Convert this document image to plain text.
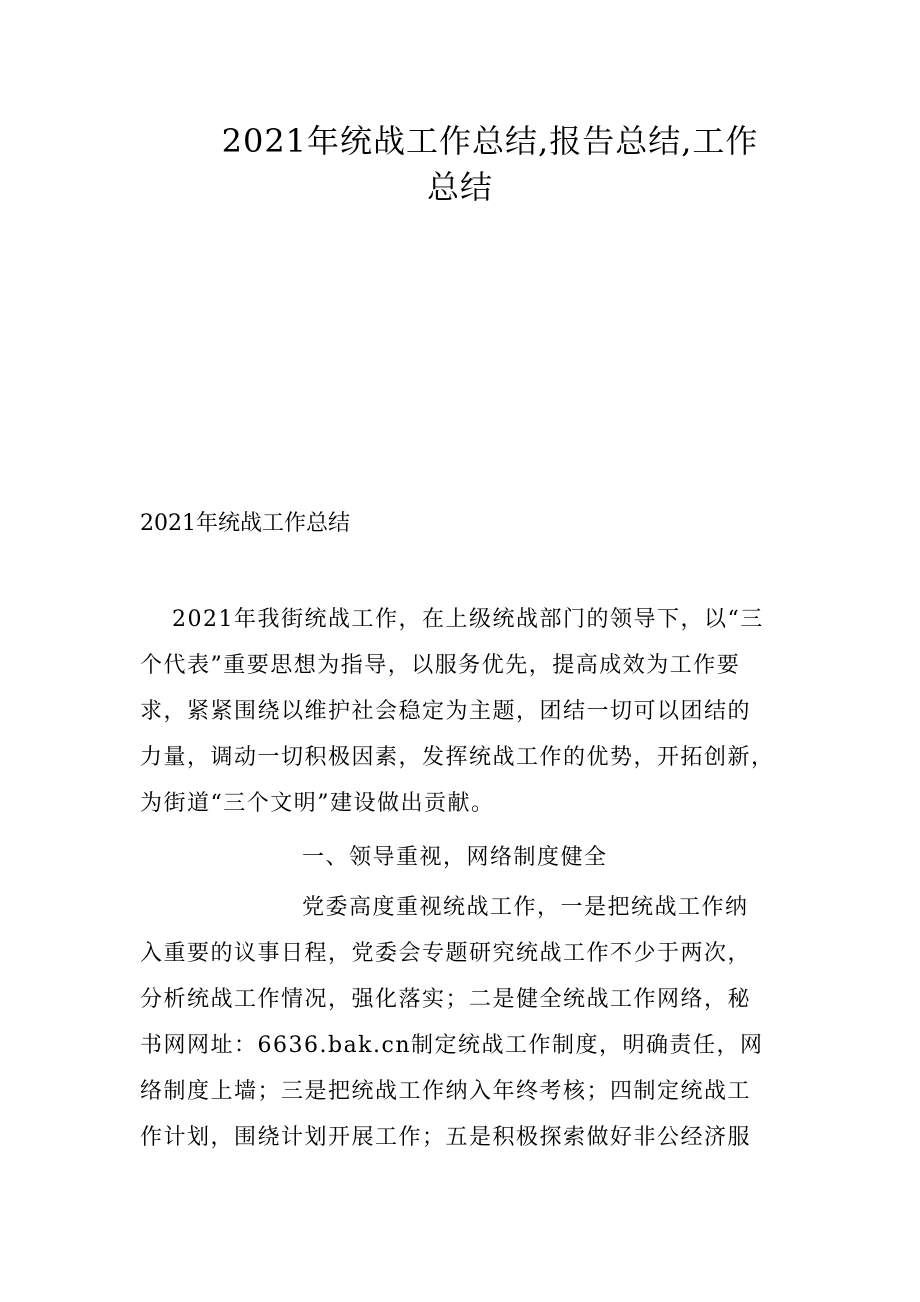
2021年统战工作总结,报告总结,工作
总结
2021年统战工作总结
2021年我街统战工作，在上级统战部门的领导下，以“三
个代表”重要思想为指导，以服务优先，提高成效为工作要
求，紧紧围绕以维护社会稳定为主题，团结一切可以团结的
力量，调动一切积极因素，发挥统战工作的优势，开拓创新，
为街道“三个文明”建设做出贡献。
一、领导重视，网络制度健全
党委高度重视统战工作，一是把统战工作纳
入重要的议事日程，党委会专题研究统战工作不少于两次，
分析统战工作情况，强化落实；二是健全统战工作网络，秘
书网网址：6636.bak.cn制定统战工作制度，明确责任，网
络制度上墙；三是把统战工作纳入年终考核；四制定统战工
作计划，围绕计划开展工作；五是积极探索做好非公经济服
